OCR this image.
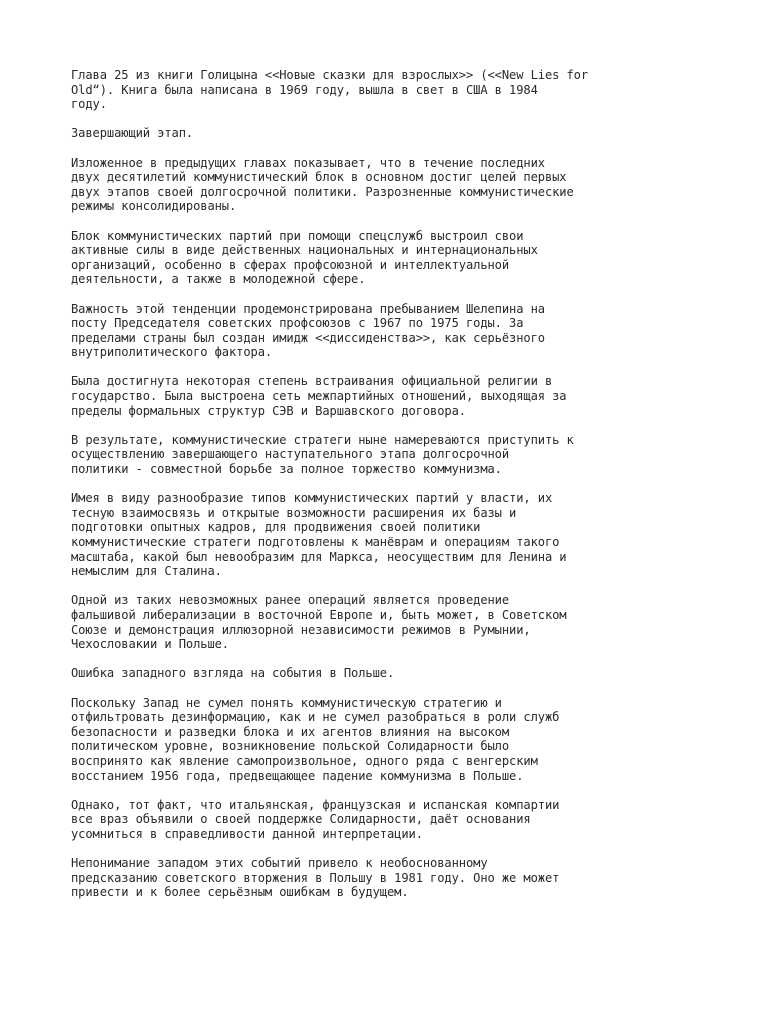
Глава 25 из книги Голицына <<Новые сказки для взрослых>> (<<New Lies for
Old“). Книга была написана в 1969 году, вышла в свет в США в 1984
году.
Завершающий этап.
Изложенное в предыдущих главах показывает, что в течение последних
двух десятилетий коммунистический блок в основном достиг целей первых
двух этапов своей долгосрочной политики. Разрозненные коммунистические
режимы консолидированы.
Блок коммунистических партий при помощи спецслужб выстроил свои
активные силы в виде действенных национальных и интернациональных
организаций, особенно в сферах профсоюзной и интеллектуальной
деятельности, а также в молодежной сфере.
Важность этой тенденции продемонстрирована пребыванием Шелепина на
посту Председателя советских профсоюзов с 1967 по 1975 годы. За
пределами страны был создан имидж <<диссиденства>>, как серьёзного
внутриполитического фактора.
Была достигнута некоторая степень встраивания официальной религии в
государство. Была выстроена сеть межпартийных отношений, выходящая за
пределы формальных структур СЭВ и Варшавского договора.
В результате, коммунистические стратеги ныне намереваются приступить к
осуществлению завершающего наступательного этапа долгосрочной
политики - совместной борьбе за полное торжество коммунизма.
Имея в виду разнообразие типов коммунистических партий у власти, их
тесную взаимосвязь и открытые возможности расширения их базы и
подготовки опытных кадров, для продвижения своей политики
коммунистические стратеги подготовлены к манёврам и операциям такого
масштаба, какой был невообразим для Маркса, неосуществим для Ленина и
немыслим для Сталина.
Одной из таких невозможных ранее операций является проведение
фальшивой либерализации в восточной Европе и, быть может, в Советском
Союзе и демонстрация иллюзорной независимости режимов в Румынии,
Чехословакии и Польше.
Ошибка западного взгляда на события в Польше.
Поскольку Запад не сумел понять коммунистическую стратегию и
отфильтровать дезинформацию, как и не сумел разобраться в роли служб
безопасности и разведки блока и их агентов влияния на высоком
политическом уровне, возникновение польской Солидарности было
воспринято как явление самопроизвольное, одного ряда с венгерским
восстанием 1956 года, предвещающее падение коммунизма в Польше.
Однако, тот факт, что итальянская, французская и испанская компартии
все враз объявили о своей поддержке Солидарности, даёт основания
усомниться в справедливости данной интерпретации.
Непонимание западом этих событий привело к необоснованному
предсказанию советского вторжения в Польшу в 1981 году. Оно же может
привести и к более серьёзным ошибкам в будущем.
